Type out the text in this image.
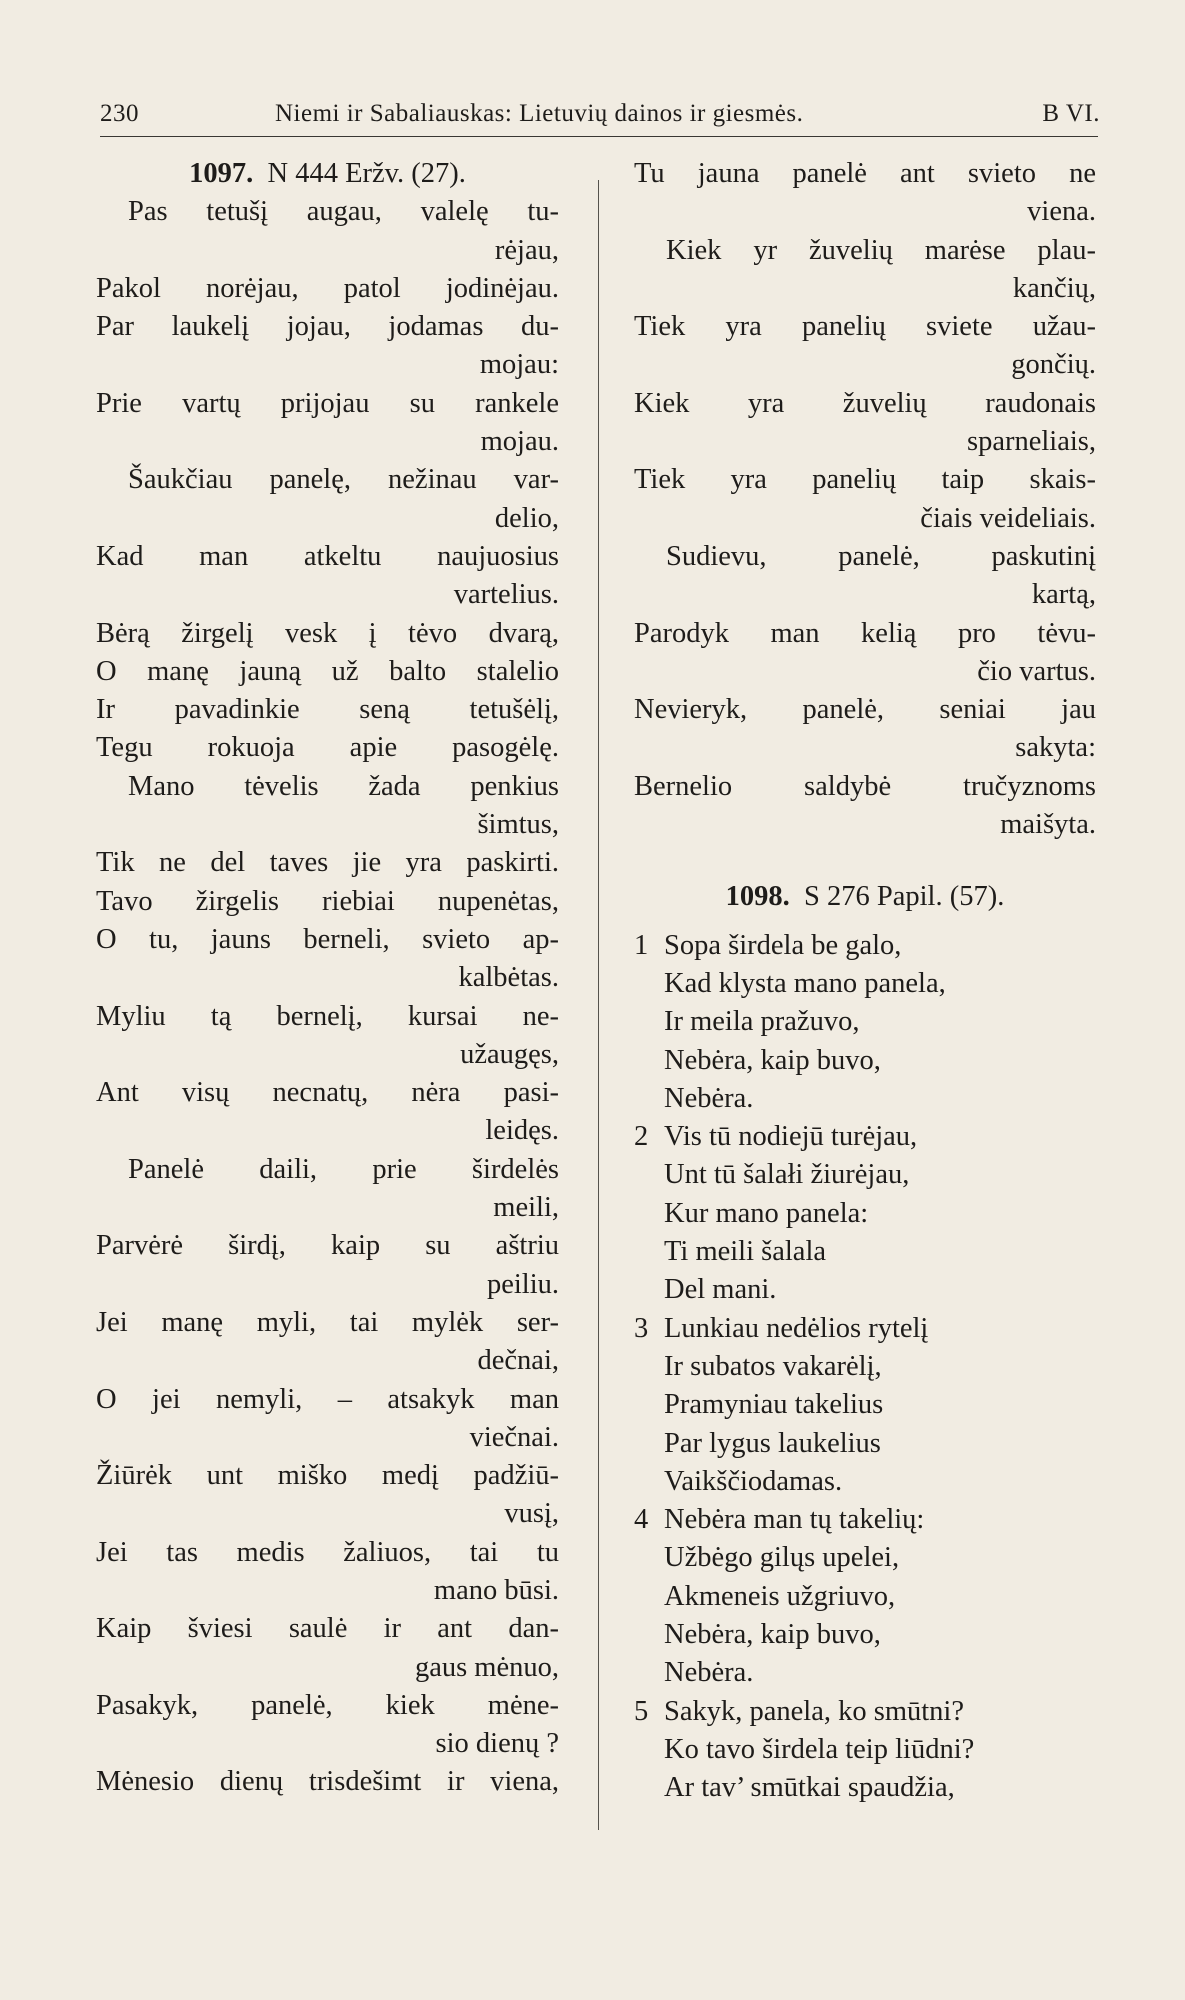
230	Niemi ir Sabaliauskas: Lietuvių dainos ir giesmės.	B VI.
1097. N 444 Eržv. (27).
Pas tetušį augau, valelę tu-
rėjau,
Pakol norėjau, patol jodinėjau.
Par laukelį jojau, jodamas du-
mojau:
Prie vartų prijojau su rankele
mojau.
Šaukčiau panelę, nežinau var-
delio,
Kad man atkeltu naujuosius
vartelius.
Bėrą žirgelį vesk į tėvo dvarą,
O manę jauną už balto stalelio
Ir pavadinkie seną tetušėlį,
Tegu rokuoja apie pasogėlę.
Mano tėvelis žada penkius
šimtus,
Tik ne del taves jie yra paskirti.
Tavo žirgelis riebiai nupenėtas,
O tu, jauns berneli, svieto ap-
kalbėtas.
Myliu tą bernelį, kursai ne-
užaugęs,
Ant visų necnatų, nėra pasi-
leidęs.
Panelė daili, prie širdelės
meili,
Parvėrė širdį, kaip su aštriu
peiliu.
Jei manę myli, tai mylėk ser-
dečnai,
O jei nemyli, – atsakyk man
viečnai.
Žiūrėk unt miško medį padžiū-
vusį,
Jei tas medis žaliuos, tai tu
mano būsi.
Kaip šviesi saulė ir ant dan-
gaus mėnuo,
Pasakyk, panelė, kiek mėne-
sio dienų ?
Mėnesio dienų trisdešimt ir viena,
Tu jauna panelė ant svieto ne
viena.
Kiek yr žuvelių marėse plau-
kančių,
Tiek yra panelių sviete užau-
gončių.
Kiek yra žuvelių raudonais
sparneliais,
Tiek yra panelių taip skais-
čiais veideliais.
Sudievu, panelė, paskutinį
kartą,
Parodyk man kelią pro tėvu-
čio vartus.
Nevieryk, panelė, seniai jau
sakyta:
Bernelio saldybė tručyznoms
maišyta.
1098. S 276 Papil. (57).
1 Sopa širdela be galo,
Kad klysta mano panela,
Ir meila pražuvo,
Nebėra, kaip buvo,
Nebėra.
2 Vis tū nodiejū turėjau,
Unt tū šalałi žiurėjau,
Kur mano panela:
Ti meili šalala
Del mani.
3 Lunkiau nedėlios rytelį
Ir subatos vakarėlį,
Pramyniau takelius
Par lygus laukelius
Vaikščiodamas.
4 Nebėra man tų takelių:
Užbėgo gilųs upelei,
Akmeneis užgriuvo,
Nebėra, kaip buvo,
Nebėra.
5 Sakyk, panela, ko smūtni?
Ko tavo širdela teip liūdni?
Ar tav’ smūtkai spaudžia,
